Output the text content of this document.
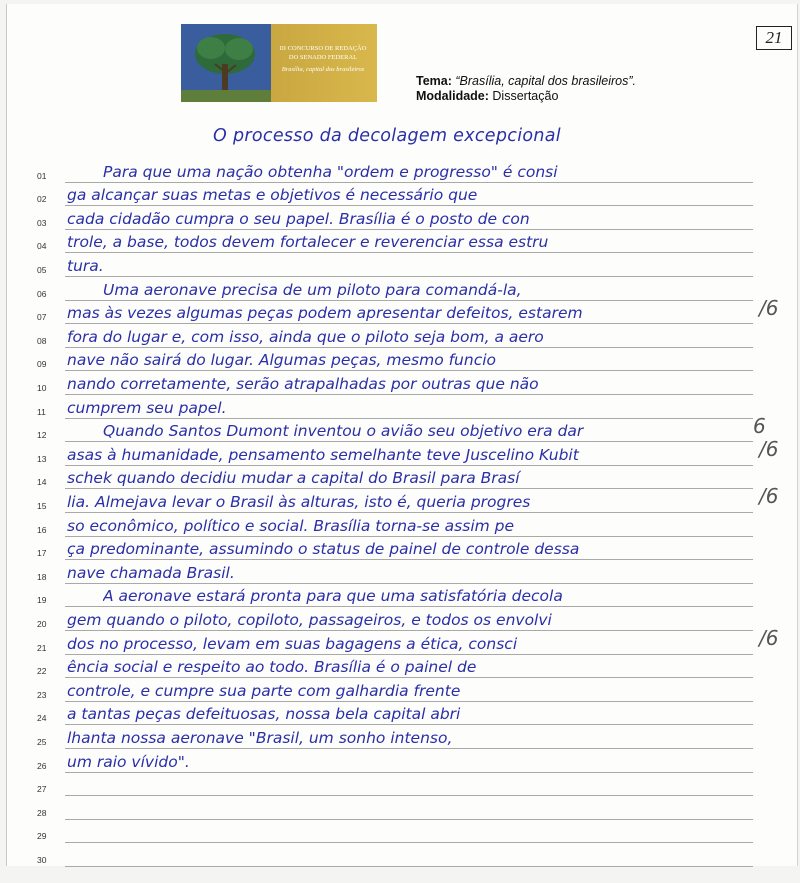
III CONCURSO DE REDAÇÃO
DO SENADO FEDERAL
Brasília, capital dos brasileiros
Tema: “Brasília, capital dos brasileiros”.
Modalidade: Dissertação
21
O processo da decolagem excepcional
01	Para que uma nação obtenha "ordem e progresso" é consi
02	ga alcançar suas metas e objetivos é necessário que
03	cada cidadão cumpra o seu papel. Brasília é o posto de con
04	trole, a base, todos devem fortalecer e reverenciar essa estru
05	tura.
06	Uma aeronave precisa de um piloto para comandá-la,
07	mas às vezes algumas peças podem apresentar defeitos, estarem
08	fora do lugar e, com isso, ainda que o piloto seja bom, a aero
09	nave não sairá do lugar. Algumas peças, mesmo funcio
10	nando corretamente, serão atrapalhadas por outras que não
11	cumprem seu papel.
12	Quando Santos Dumont inventou o avião seu objetivo era dar
13	asas à humanidade, pensamento semelhante teve Juscelino Kubit
14	schek quando decidiu mudar a capital do Brasil para Brasí
15	lia. Almejava levar o Brasil às alturas, isto é, queria progres
16	so econômico, político e social. Brasília torna-se assim pe
17	ça predominante, assumindo o status de painel de controle dessa
18	nave chamada Brasil.
19	A aeronave estará pronta para que uma satisfatória decola
20	gem quando o piloto, copiloto, passageiros, e todos os envolvi
21	dos no processo, levam em suas bagagens a ética, consci
22	ência social e respeito ao todo. Brasília é o painel de
23	controle, e cumpre sua parte com galhardia frente
24	a tantas peças defeituosas, nossa bela capital abri
25	lhanta nossa aeronave "Brasil, um sonho intenso,
26	um raio vívido".
27
28
29
30
/6
6
/6
/6
/6
